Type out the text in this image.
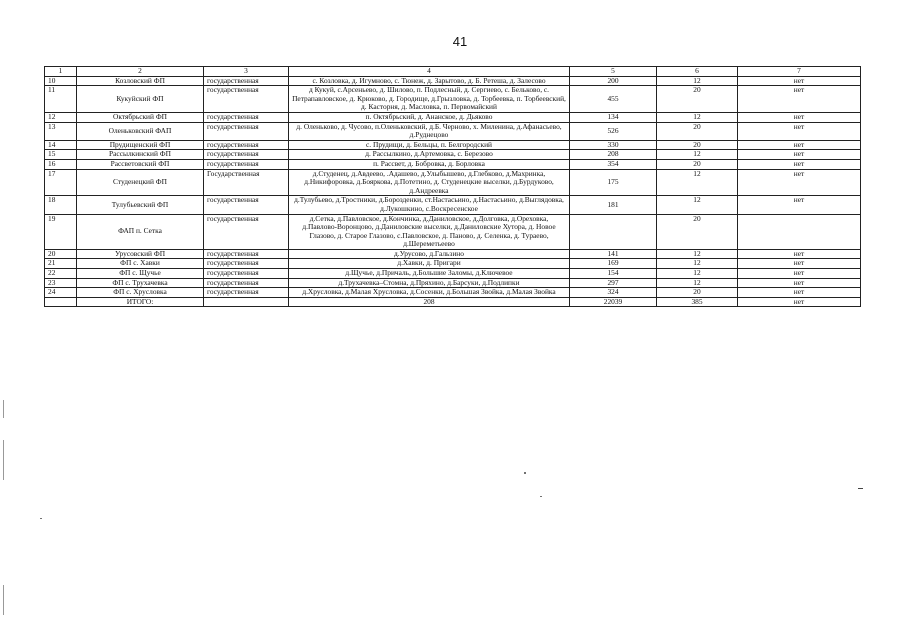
41
1	2	3	4	5	6	7
10	Козловский ФП	государственная	с. Козловка, д. Игумново, с. Тюнеж, д. Зарытово, д. Б. Ретеша, д. Залесово	200	12	нет
11	Кукуйский ФП	государственная	д Кукуй, с.Арсеньево, д. Шилово, п. Подлесный, д. Сергиево, с. Бельково, с. Петрапавловское, д. Крюково, д. Городище, д.Грызловка, д. Торбеевка, п. Торбеевский, д. Касторня, д. Масловка, п. Первомайский	455	20	нет
12	Октябрьский ФП	государственная	п. Октябрьский, д. Ананское, д. Дьяково	134	12	нет
13	Оленьковский ФАП	государственная	д. Оленьково, д. Чусово, п.Оленьковский, д.Б. Черново, х. Миленина, д.Афанасьево, д.Руднецово	526	20	нет
14	Прудищенский ФП	государственная	с. Прудищи, д. Бельцы, п. Белгородский	330	20	нет
15	Рассылкинский ФП	государственная	д. Рассылкино, д.Артемовка, с. Березово	208	12	нет
16	Рассветовский ФП	государственная	п. Рассвет, д. Бобровка, д. Борловка	354	20	нет
17	Студенецкий ФП	Государственная	д.Студенец, д.Авдеево, .Адашево, д.Улыбышево, д.Глебково, д.Махринка, д.Никифоровка, д.Бояркова, д.Потетино, д. Студенецкие выселки, д.Бурдуково, д.Андреевка	175	12	нет
18	Тулубьевский ФП	государственная	д.Тулубьево, д.Тростники, д.Борозденки, ст.Настасьино, д.Настасьино, д.Выглядовка, д.Лукошкино, с.Воскресенское	181	12	нет
19	ФАП п. Сетка	государственная	д.Сетка, д.Павловское, д.Кончинка, д.Даниловское, д.Долговка, д.Ореховка, д.Павлово-Воронцово, д.Даниловские выселки, д.Даниловские Хутора, д. Новое Глазово, д. Старое Глазово, с.Павловское, д. Паново, д. Селенка, д. Тураево, д.Шереметьеево		20	
20	Урусовский ФП	государственная	д.Урусово, д.Гальзино	141	12	нет
21	ФП с. Хавки	государственная	д.Хавки, д. Пригари	169	12	нет
22	ФП с. Щучье	государственная	д.Щучье, д.Причаль, д.Большие Заломы, д.Ключевое	154	12	нет
23	ФП с. Трухачевка	государственная	д.Трухачевка–Стомна, д.Пряхино, д.Барсуки, д.Подлипки	297	12	нет
24	ФП с. Хрусловка	государственная	д.Хрусловка, д.Малая Хрусловка, д.Сосенки, д.Большая Звойка, д.Малая Звойка	324	20	нет
	ИТОГО:		208	22039	385	нет
